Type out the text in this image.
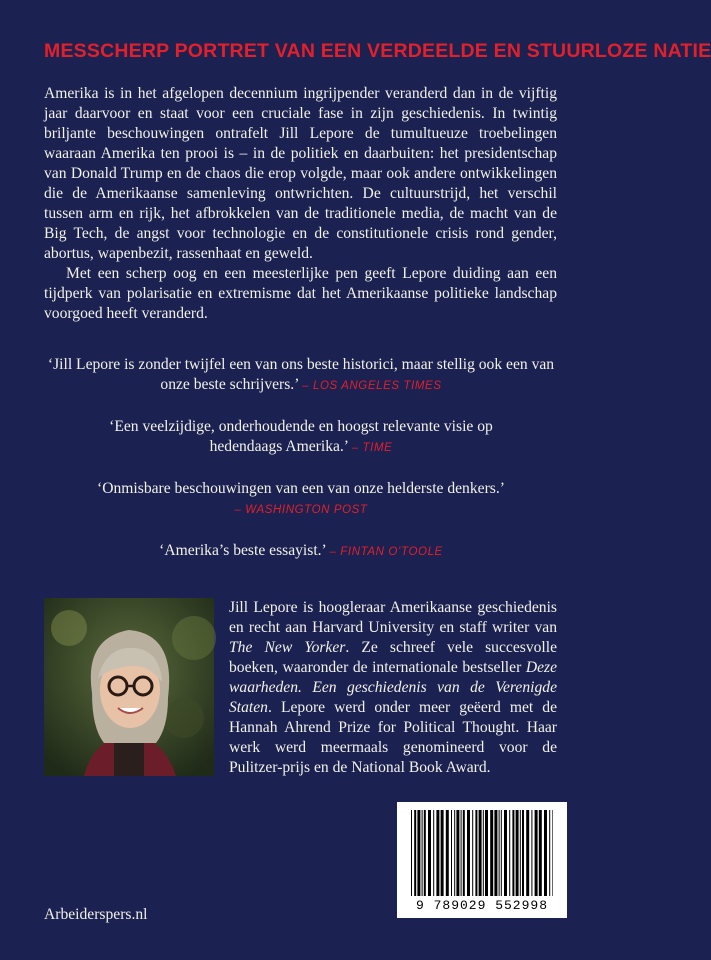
MESSCHERP PORTRET VAN EEN VERDEELDE EN STUURLOZE NATIE

Amerika is in het afgelopen decennium ingrijpender veranderd dan in de vijftig jaar daarvoor en staat voor een cruciale fase in zijn geschiedenis. In twintig briljante beschouwingen ontrafelt Jill Lepore de tumultueuze troebelingen waaraan Amerika ten prooi is – in de politiek en daarbuiten: het presidentschap van Donald Trump en de chaos die erop volgde, maar ook andere ontwikkelingen die de Amerikaanse samenleving ontwrichten. De cultuurstrijd, het verschil tussen arm en rijk, het afbrokkelen van de traditionele media, de macht van de Big Tech, de angst voor technologie en de constitutionele crisis rond gender, abortus, wapenbezit, rassenhaat en geweld.

Met een scherp oog en een meesterlijke pen geeft Lepore duiding aan een tijdperk van polarisatie en extremisme dat het Amerikaanse politieke landschap voorgoed heeft veranderd.

‘Jill Lepore is zonder twijfel een van ons beste historici, maar stellig ook een van onze beste schrijvers.’ – LOS ANGELES TIMES
‘Een veelzijdige, onderhoudende en hoogst relevante visie op hedendaags Amerika.’ – TIME
‘Onmisbare beschouwingen van een van onze helderste denkers.’
– WASHINGTON POST
‘Amerika’s beste essayist.’ – FINTAN O’TOOLE
Jill Lepore is hoogleraar Amerikaanse geschiedenis en recht aan Harvard University en staff writer van The New Yorker. Ze schreef vele succesvolle boeken, waaronder de internationale bestseller Deze waarheden. Een geschiedenis van de Verenigde Staten. Lepore werd onder meer geëerd met de Hannah Ahrend Prize for Political Thought. Haar werk werd meermaals genomineerd voor de Pulitzer-prijs en de National Book Award.
9 789029 552998
Arbeiderspers.nl
